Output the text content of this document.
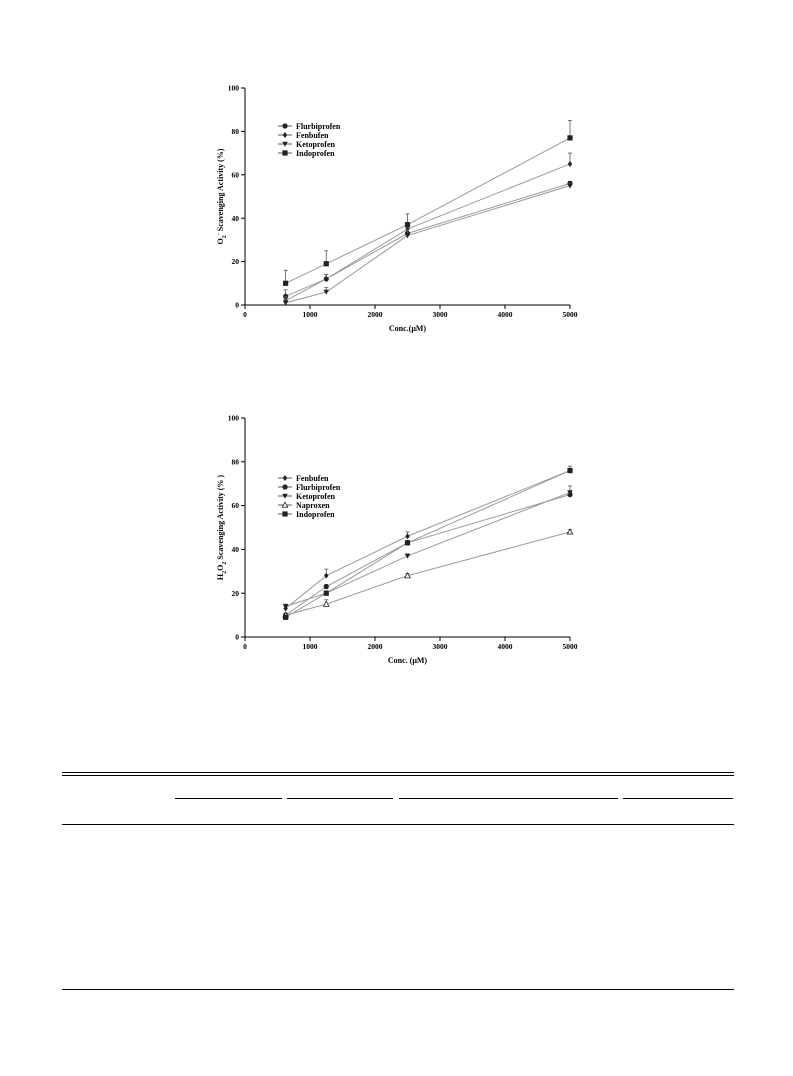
0
20
40
60
80
100
0	1000	2000	3000	4000	5000
Conc.(μM)
$O_2^-$ Scavenging Activity (%)
Flurbiprofen
Fenbufen
Ketoprofen
Indoprofen
0
20
40
60
80
100
0	1000	2000	3000	4000	5000
Conc. (μM)
$H_2O_2$ Scavenging Activity (% )	Fenbufen
Flurbiprofen
Ketoprofen
Naproxen
Indoprofen
